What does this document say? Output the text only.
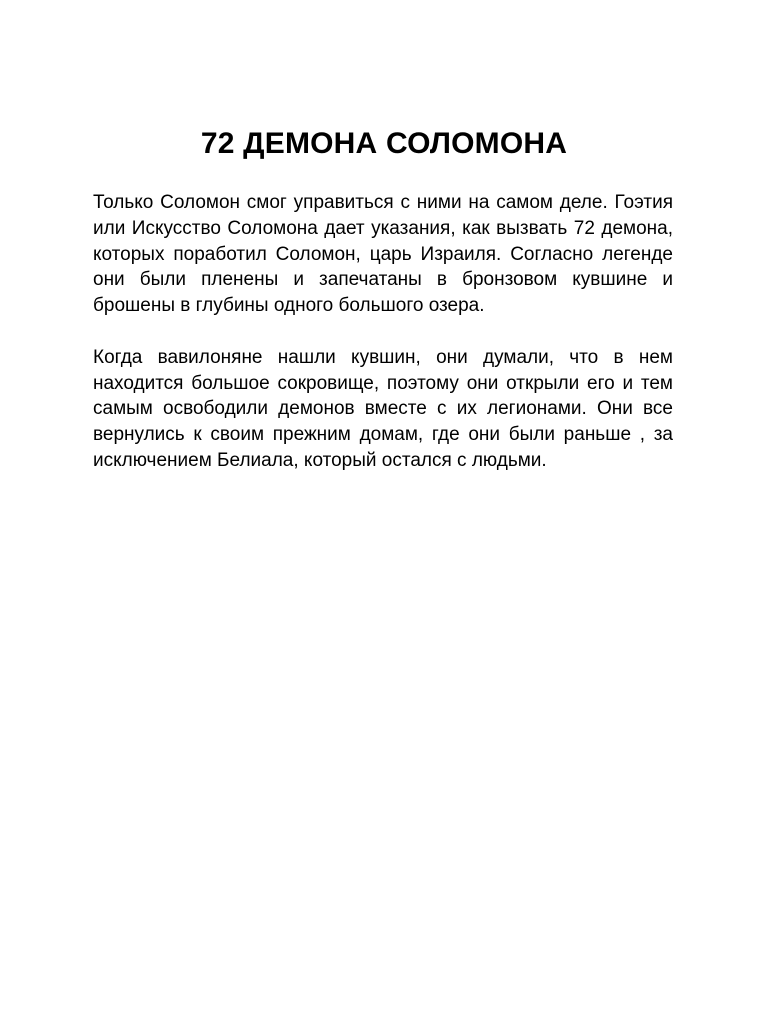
72 ДЕМОНА СОЛОМОНА

Только Соломон смог управиться с ними на самом деле. Гоэтия или Искусство Соломона дает указания, как вызвать 72 демона, которых поработил Соломон, царь Израиля. Согласно легенде они были пленены и запечатаны в бронзовом кувшине и брошены в глубины одного большого озера.

Когда вавилоняне нашли кувшин, они думали, что в нем находится большое сокровище, поэтому они открыли его и тем самым освободили демонов вместе с их легионами. Они все вернулись к своим прежним домам, где они были раньше , за исключением Белиала, который остался с людьми.
